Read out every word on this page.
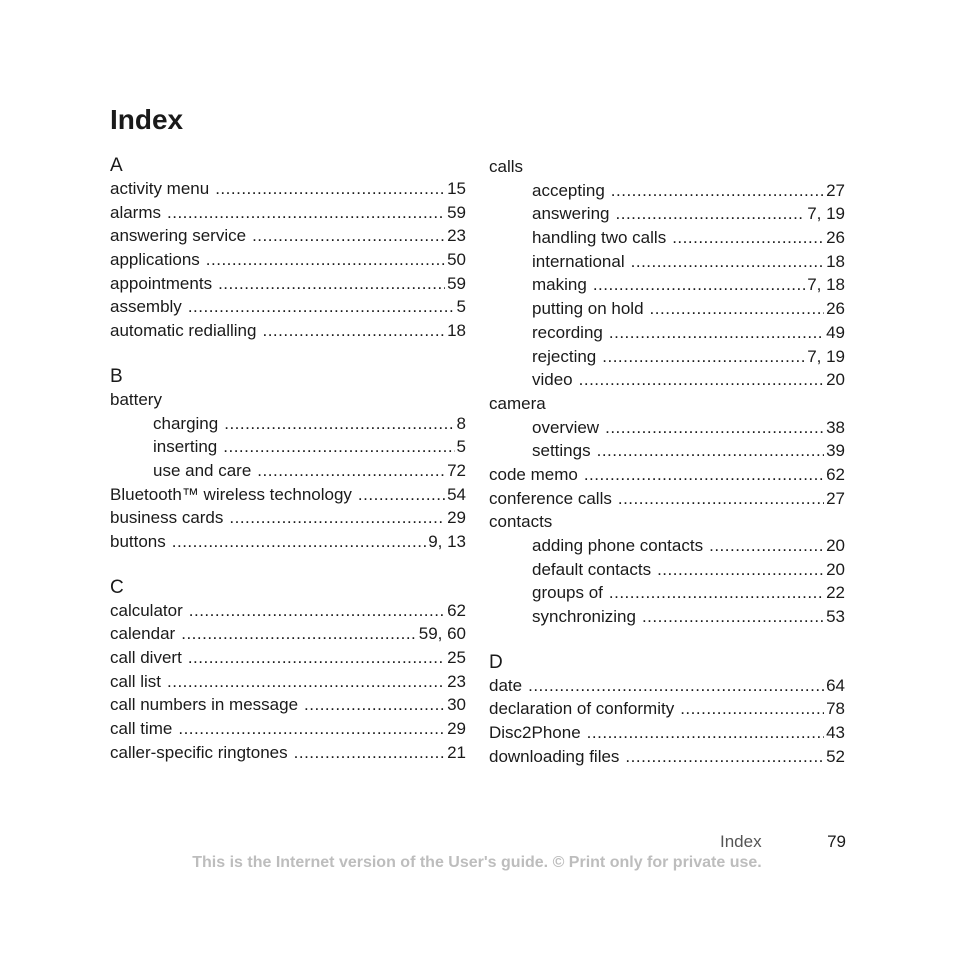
Index
A
activity menu .....	15
alarms .....	59
answering service .....	23
applications .....	50
appointments .....	59
assembly .....	5
automatic redialling .....	18
B
battery
charging .....	8
inserting .....	5
use and care .....	72
Bluetooth™ wireless technology .....	54
business cards .....	29
buttons .....	9, 13
C
calculator .....	62
calendar .....	59, 60
call divert .....	25
call list .....	23
call numbers in message .....	30
call time .....	29
caller-specific ringtones .....	21
calls
accepting .....	27
answering .....	7, 19
handling two calls .....	26
international .....	18
making .....	7, 18
putting on hold .....	26
recording .....	49
rejecting .....	7, 19
video .....	20
camera
overview .....	38
settings .....	39
code memo .....	62
conference calls .....	27
contacts
adding phone contacts .....	20
default contacts .....	20
groups of .....	22
synchronizing .....	53
D
date .....	64
declaration of conformity .....	78
Disc2Phone .....	43
downloading files .....	52
Index	79
This is the Internet version of the User's guide. © Print only for private use.
